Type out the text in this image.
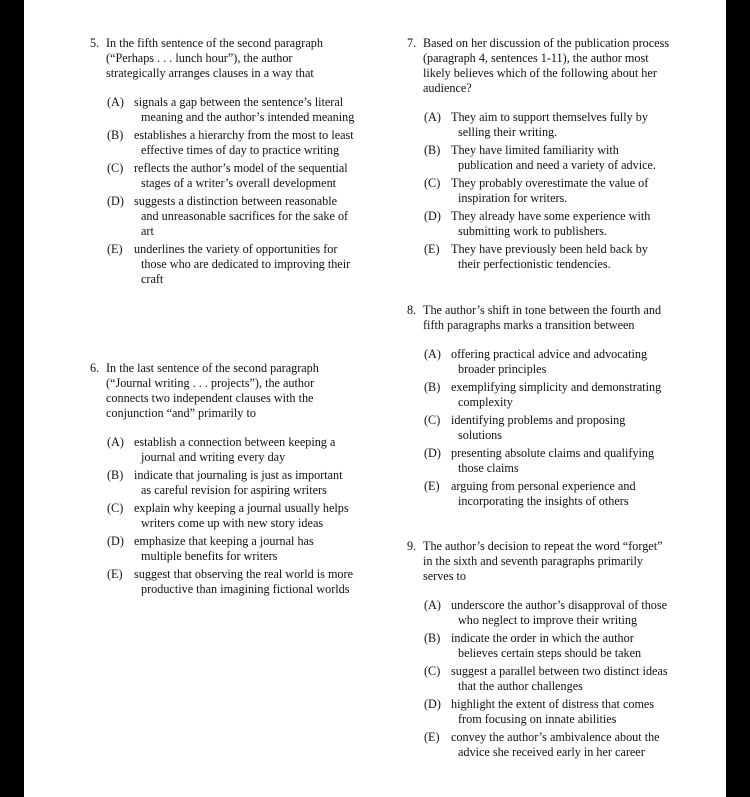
5. In the fifth sentence of the second paragraph (“Perhaps . . . lunch hour”), the author strategically arranges clauses in a way that
(A) signals a gap between the sentence’s literal meaning and the author’s intended meaning
(B) establishes a hierarchy from the most to least effective times of day to practice writing
(C) reflects the author’s model of the sequential stages of a writer’s overall development
(D) suggests a distinction between reasonable and unreasonable sacrifices for the sake of art
(E) underlines the variety of opportunities for those who are dedicated to improving their craft
6. In the last sentence of the second paragraph (“Journal writing . . . projects”), the author connects two independent clauses with the conjunction “and” primarily to
(A) establish a connection between keeping a journal and writing every day
(B) indicate that journaling is just as important as careful revision for aspiring writers
(C) explain why keeping a journal usually helps writers come up with new story ideas
(D) emphasize that keeping a journal has multiple benefits for writers
(E) suggest that observing the real world is more productive than imagining fictional worlds
7. Based on her discussion of the publication process (paragraph 4, sentences 1-11), the author most likely believes which of the following about her audience?
(A) They aim to support themselves fully by selling their writing.
(B) They have limited familiarity with publication and need a variety of advice.
(C) They probably overestimate the value of inspiration for writers.
(D) They already have some experience with submitting work to publishers.
(E) They have previously been held back by their perfectionistic tendencies.
8. The author’s shift in tone between the fourth and fifth paragraphs marks a transition between
(A) offering practical advice and advocating broader principles
(B) exemplifying simplicity and demonstrating complexity
(C) identifying problems and proposing solutions
(D) presenting absolute claims and qualifying those claims
(E) arguing from personal experience and incorporating the insights of others
9. The author’s decision to repeat the word “forget” in the sixth and seventh paragraphs primarily serves to
(A) underscore the author’s disapproval of those who neglect to improve their writing
(B) indicate the order in which the author believes certain steps should be taken
(C) suggest a parallel between two distinct ideas that the author challenges
(D) highlight the extent of distress that comes from focusing on innate abilities
(E) convey the author’s ambivalence about the advice she received early in her career
